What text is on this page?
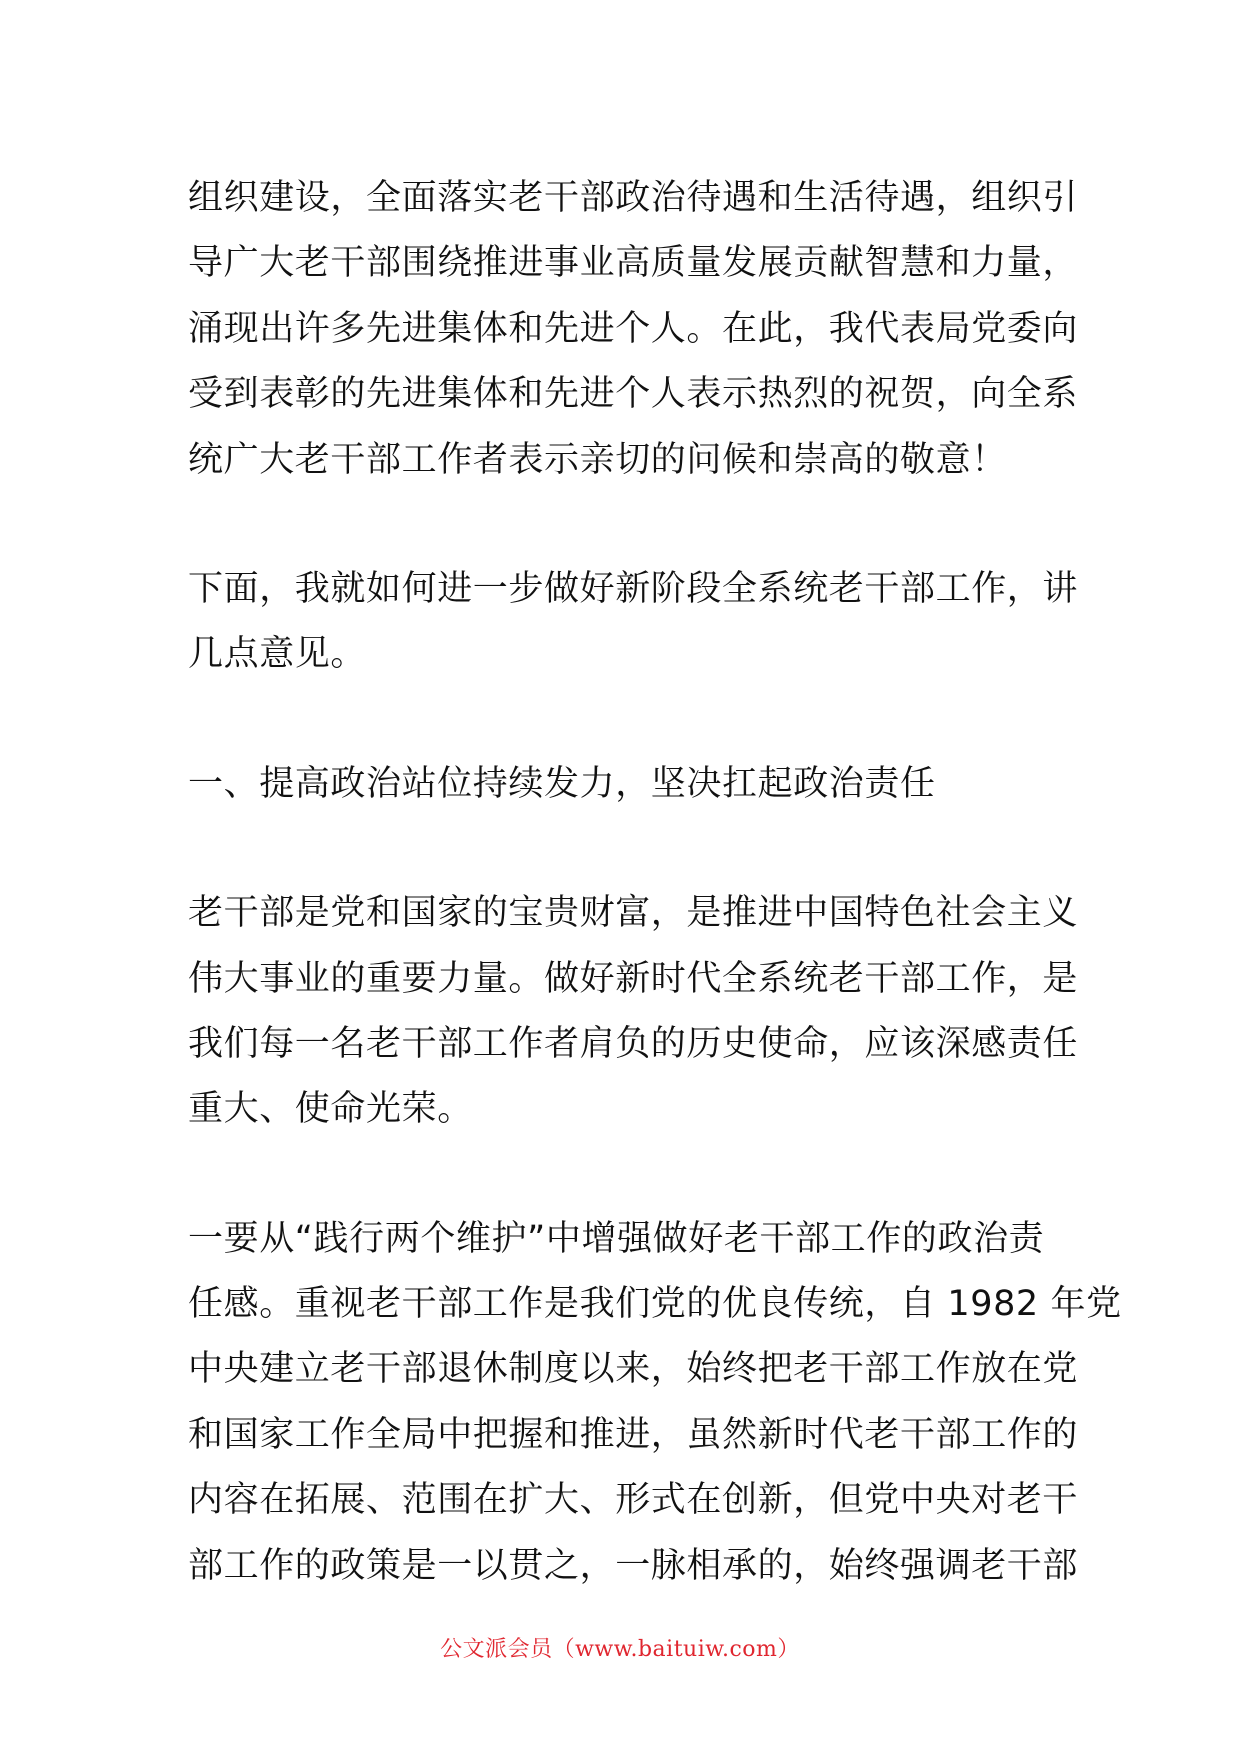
组织建设，全面落实老干部政治待遇和生活待遇，组织引
导广大老干部围绕推进事业高质量发展贡献智慧和力量，
涌现出许多先进集体和先进个人。在此，我代表局党委向
受到表彰的先进集体和先进个人表示热烈的祝贺，向全系
统广大老干部工作者表示亲切的问候和崇高的敬意！

下面，我就如何进一步做好新阶段全系统老干部工作，讲
几点意见。

一、提高政治站位持续发力，坚决扛起政治责任

老干部是党和国家的宝贵财富，是推进中国特色社会主义
伟大事业的重要力量。做好新时代全系统老干部工作，是
我们每一名老干部工作者肩负的历史使命，应该深感责任
重大、使命光荣。

一要从“践行两个维护”中增强做好老干部工作的政治责
任感。重视老干部工作是我们党的优良传统，自 1982 年党
中央建立老干部退休制度以来，始终把老干部工作放在党
和国家工作全局中把握和推进，虽然新时代老干部工作的
内容在拓展、范围在扩大、形式在创新，但党中央对老干
部工作的政策是一以贯之，一脉相承的，始终强调老干部

公文派会员（www.baituiw.com）
